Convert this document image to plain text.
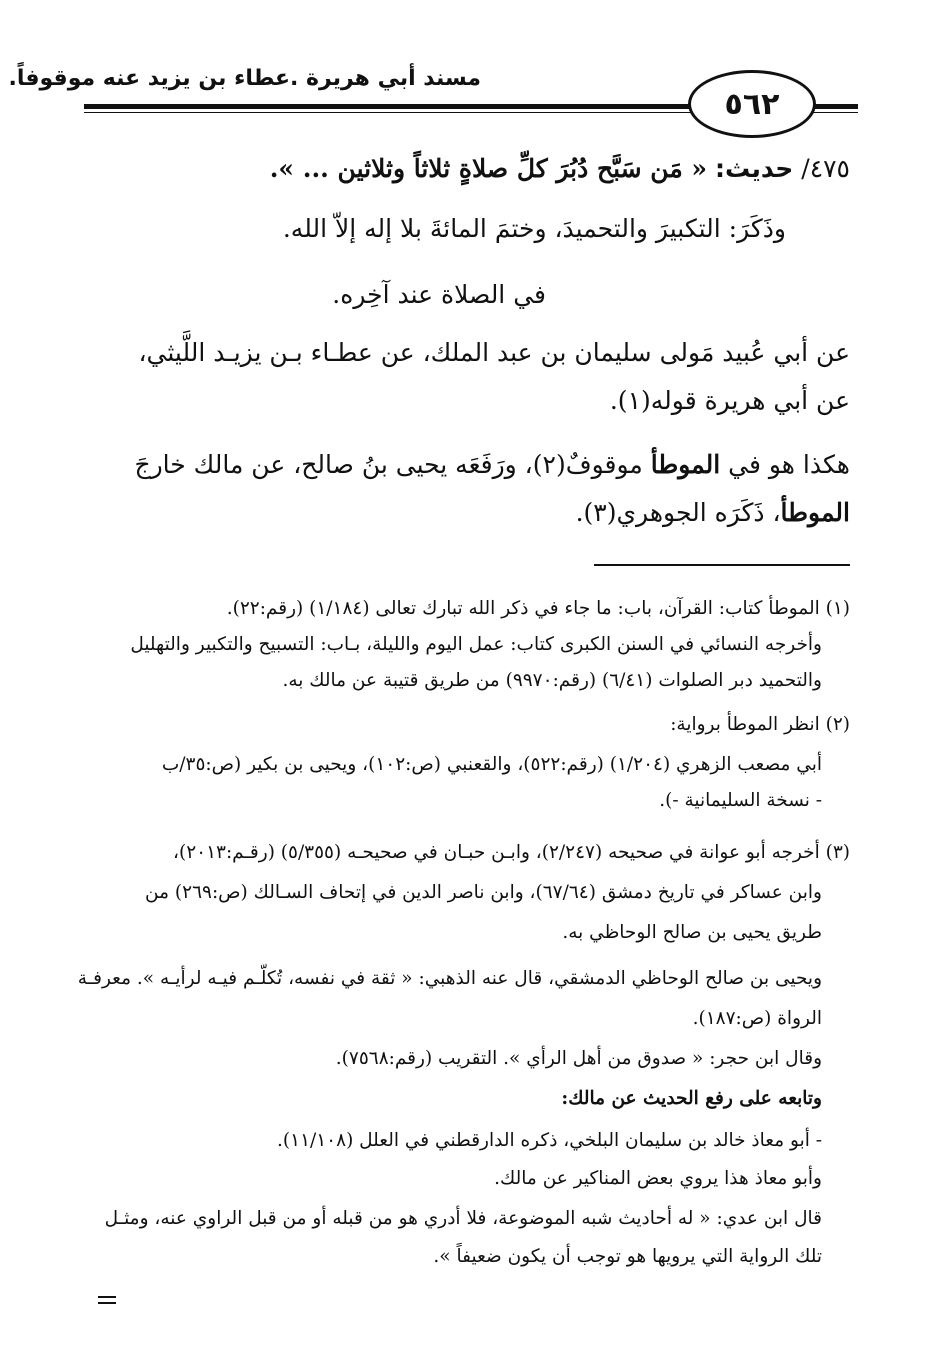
مسند أبي هريرة .عطاء بن يزيد عنه موقوفاً.
٥٦٢
٤٧٥/ حديث: « مَن سَبَّح دُبُرَ كلِّ صلاةٍ ثلاثاً وثلاثين ... ».
وذَكَرَ: التكبيرَ والتحميدَ، وختمَ المائةَ بلا إله إلاّ الله.
في الصلاة عند آخِره.
عن أبي عُبيد مَولى سليمان بن عبد الملك، عن عطـاء بـن يزيـد اللَّيثي،
عن أبي هريرة قوله(١).
هكذا هو في الموطأ موقوفٌ(٢)، ورَفَعَه يحيى بنُ صالح، عن مالك خارجَ
الموطأ، ذَكَرَه الجوهري(٣).
(١) الموطأ كتاب: القرآن، باب: ما جاء في ذكر الله تبارك تعالى (١/١٨٤) (رقم:٢٢).
وأخرجه النسائي في السنن الكبرى كتاب: عمل اليوم والليلة، بـاب: التسبيح والتكبير والتهليل
والتحميد دبر الصلوات (٦/٤١) (رقم:٩٩٧٠) من طريق قتيبة عن مالك به.
(٢) انظر الموطأ برواية:
أبي مصعب الزهري (١/٢٠٤) (رقم:٥٢٢)، والقعنبي (ص:١٠٢)، ويحيى بن بكير (ص:٣٥/ب
- نسخة السليمانية -).
(٣) أخرجه أبو عوانة في صحيحه (٢/٢٤٧)، وابـن حبـان في صحيحـه (٥/٣٥٥) (رقـم:٢٠١٣)،
وابن عساكر في تاريخ دمشق (٦٧/٦٤)، وابن ناصر الدين في إتحاف السـالك (ص:٢٦٩) من
طريق يحيى بن صالح الوحاظي به.
ويحيى بن صالح الوحاظي الدمشقي، قال عنه الذهبي: « ثقة في نفسه، تُكلّـم فيـه لرأيـه ». معرفـة
الرواة (ص:١٨٧).
وقال ابن حجر: « صدوق من أهل الرأي ». التقريب (رقم:٧٥٦٨).
وتابعه على رفع الحديث عن مالك:
- أبو معاذ خالد بن سليمان البلخي، ذكره الدارقطني في العلل (١١/١٠٨).
وأبو معاذ هذا يروي بعض المناكير عن مالك.
قال ابن عدي: « له أحاديث شبه الموضوعة، فلا أدري هو من قبله أو من قبل الراوي عنه، ومثـل
تلك الرواية التي يرويها هو توجب أن يكون ضعيفاً ».
